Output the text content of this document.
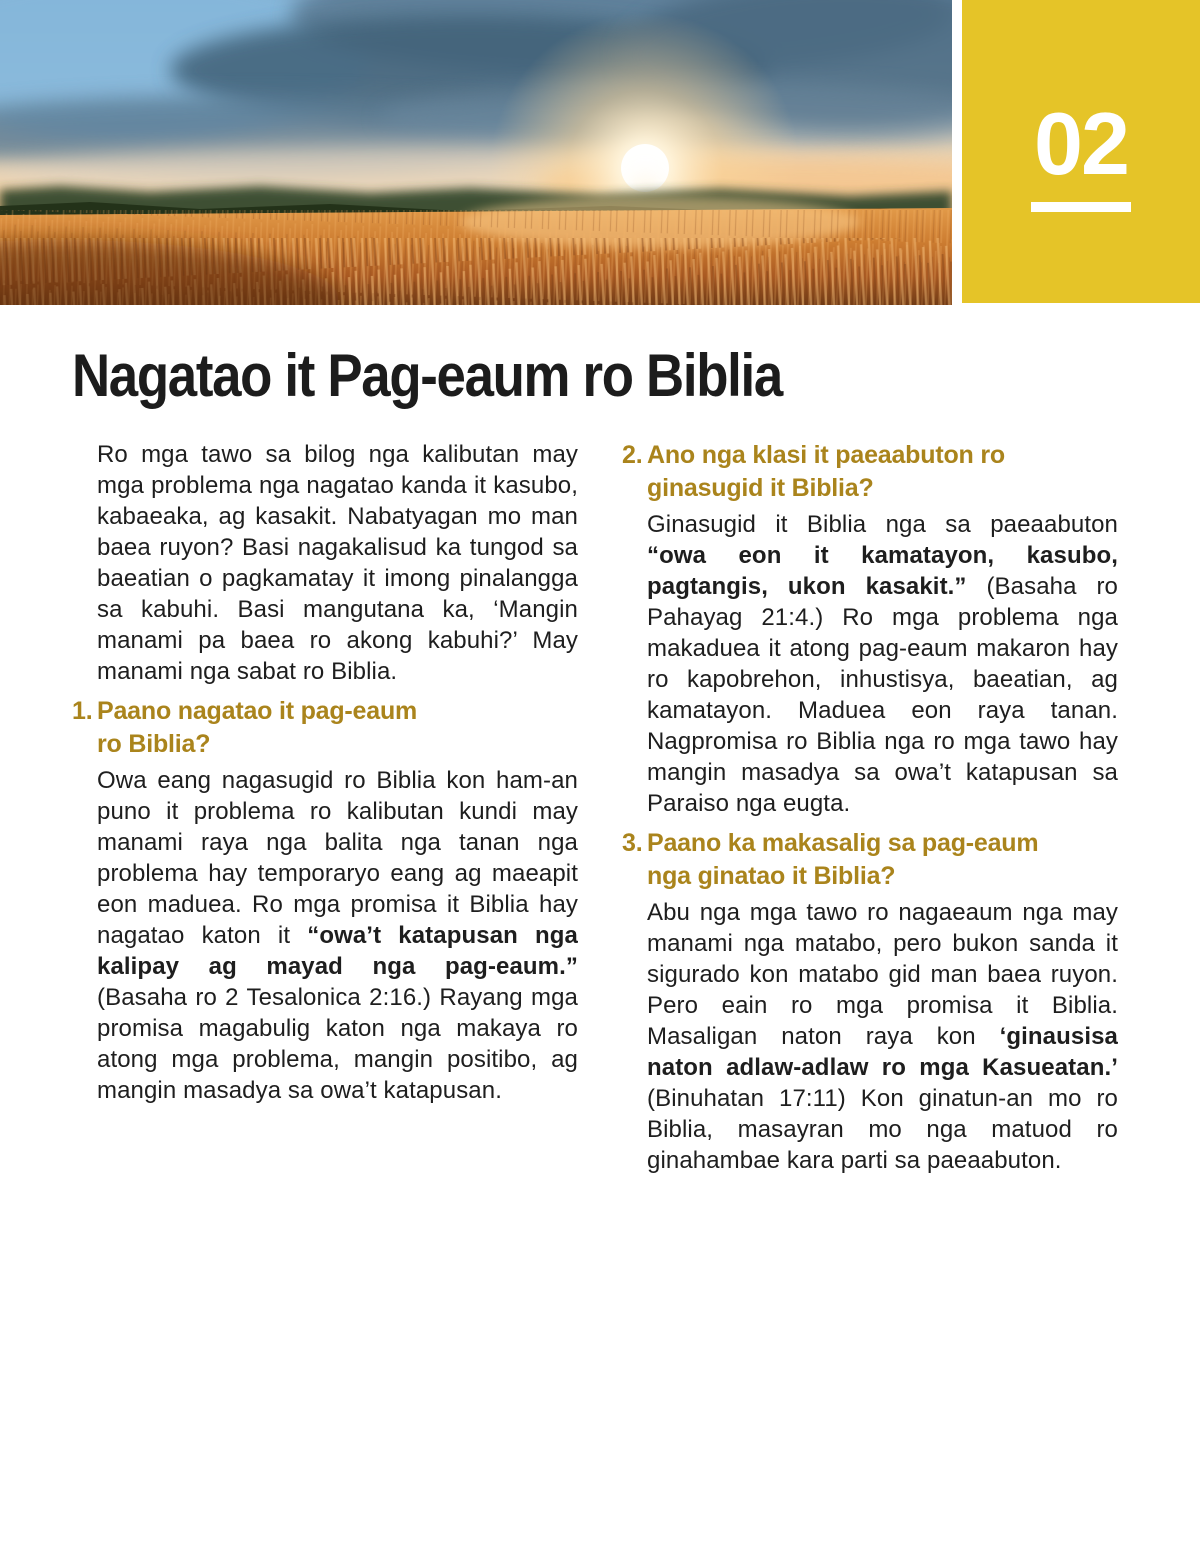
02
Nagatao it Pag-eaum ro Biblia

Ro mga tawo sa bilog nga kalibutan may mga problema nga nagatao kanda it kasubo, kabaeaka, ag kasakit. Nabatyagan mo man baea ruyon? Basi nagakalisud ka tungod sa baeatian o pagkamatay it imong pinalangga sa kabuhi. Basi mangutana ka, ‘Mangin manami pa baea ro akong kabuhi?’ May manami nga sabat ro Biblia.

1. Paano nagatao it pag-eaum
ro Biblia?

Owa eang nagasugid ro Biblia kon ham-an puno it problema ro kalibutan kundi may manami raya nga balita nga tanan nga problema hay temporaryo eang ag maeapit eon maduea. Ro mga promisa it Biblia hay nagatao katon it “owa’t katapusan nga kalipay ag mayad nga pag-eaum.” (Basaha ro 2 Tesalonica 2:16.) Rayang mga promisa magabulig katon nga makaya ro atong mga problema, mangin positibo, ag mangin masadya sa owa’t katapusan.

2. Ano nga klasi it paeaabuton ro
ginasugid it Biblia?

Ginasugid it Biblia nga sa paeaabuton “owa eon it kamatayon, kasubo, pagtangis, ukon kasakit.” (Basaha ro Pahayag 21:4.) Ro mga problema nga makaduea it atong pag-eaum makaron hay ro kapobrehon, inhustisya, baeatian, ag kamatayon. Maduea eon raya tanan. Nagpromisa ro Biblia nga ro mga tawo hay mangin masadya sa owa’t katapusan sa Paraiso nga eugta.

3. Paano ka makasalig sa pag-eaum
nga ginatao it Biblia?

Abu nga mga tawo ro nagaeaum nga may manami nga matabo, pero bukon sanda it sigurado kon matabo gid man baea ruyon. Pero eain ro mga promisa it Biblia. Masaligan naton raya kon ‘ginausisa naton adlaw-adlaw ro mga Kasueatan.’ (Binuhatan 17:11) Kon ginatun-an mo ro Biblia, masayran mo nga matuod ro ginahambae kara parti sa paeaabuton.
